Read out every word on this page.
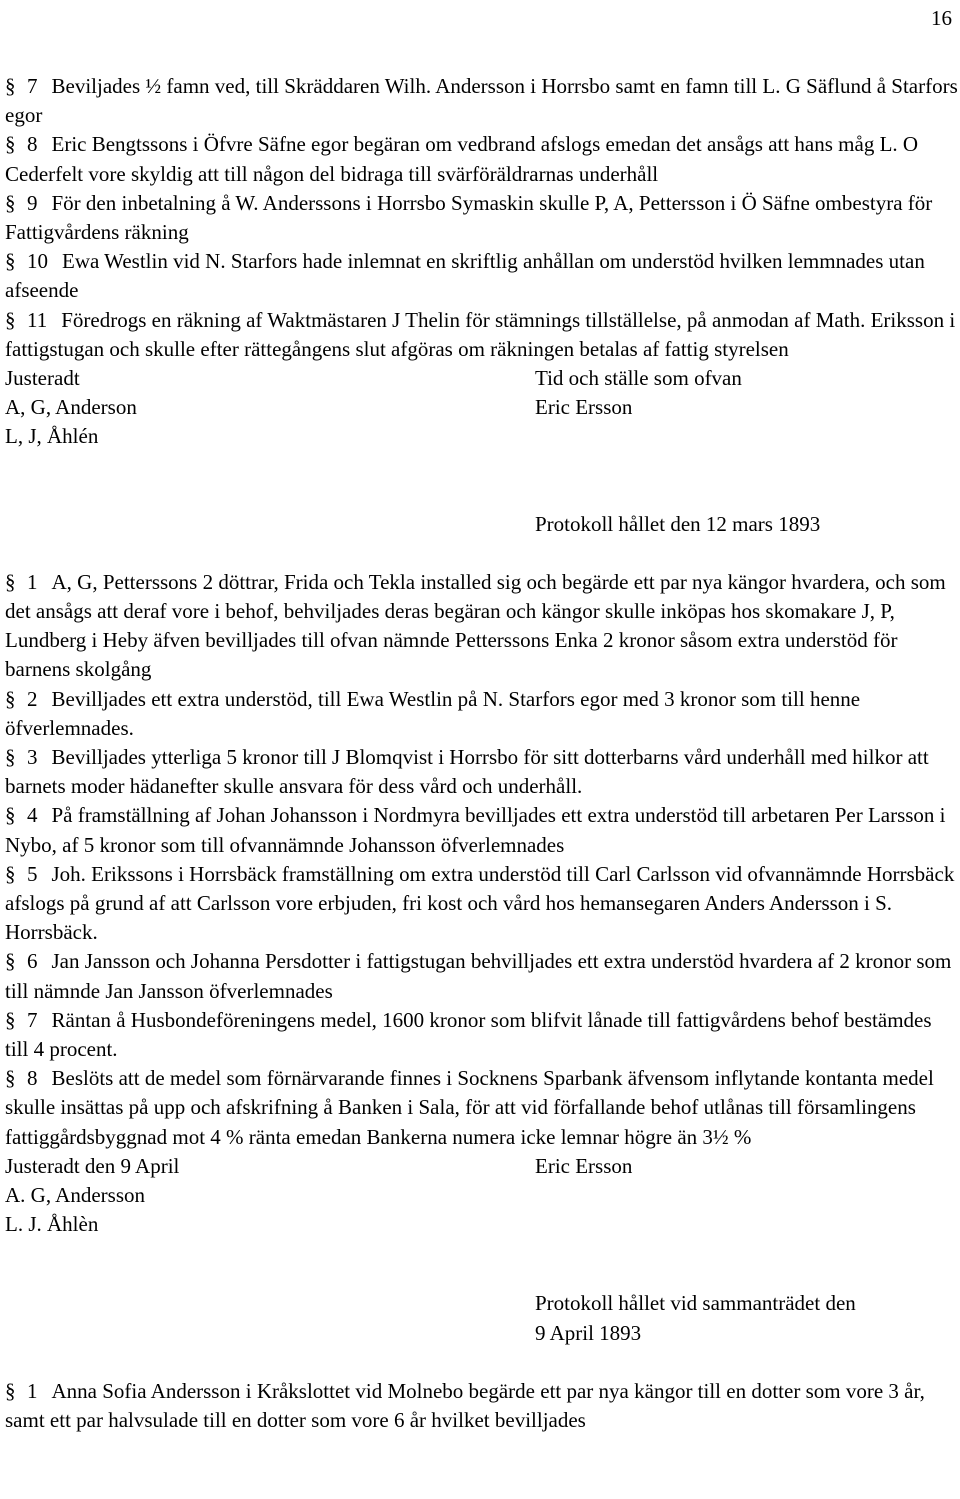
16

§ 7 Beviljades ½ famn ved, till Skräddaren Wilh. Andersson i Horrsbo samt en famn till L. G Säflund å Starfors egor

§ 8 Eric Bengtssons i Öfvre Säfne egor begäran om vedbrand afslogs emedan det ansågs att hans måg L. O Cederfelt vore skyldig att till någon del bidraga till svärföräldrarnas underhåll

§ 9 För den inbetalning å W. Anderssons i Horrsbo Symaskin skulle P, A, Pettersson i Ö Säfne ombestyra för Fattigvårdens räkning

§ 10 Ewa Westlin vid N. Starfors hade inlemnat en skriftlig anhållan om understöd hvilken lemmnades utan afseende

§ 11 Föredrogs en räkning af Waktmästaren J Thelin för stämnings tillställelse, på anmodan af Math. Eriksson i fattigstugan och skulle efter rättegångens slut afgöras om räkningen betalas af fattig styrelsen

Justeradt	Tid och ställe som ofvan
A, G, Anderson	Eric Ersson
L, J, Åhlén

Protokoll hållet den 12 mars 1893

§ 1 A, G, Petterssons 2 döttrar, Frida och Tekla installed sig och begärde ett par nya kängor hvardera, och som det ansågs att deraf vore i behof, behviljades deras begäran och kängor skulle inköpas hos skomakare J, P, Lundberg i Heby äfven bevilljades till ofvan nämnde Petterssons Enka 2 kronor såsom extra understöd för barnens skolgång

§ 2 Bevilljades ett extra understöd, till Ewa Westlin på N. Starfors egor med 3 kronor som till henne öfverlemnades.

§ 3 Bevilljades ytterliga 5 kronor till J Blomqvist i Horrsbo för sitt dotterbarns vård underhåll med hilkor att barnets moder hädanefter skulle ansvara för dess vård och underhåll.

§ 4 På framställning af Johan Johansson i Nordmyra bevilljades ett extra understöd till arbetaren Per Larsson i Nybo, af 5 kronor som till ofvannämnde Johansson öfverlemnades

§ 5 Joh. Erikssons i Horrsbäck framställning om extra understöd till Carl Carlsson vid ofvannämnde Horrsbäck afslogs på grund af att Carlsson vore erbjuden, fri kost och vård hos hemansegaren Anders Andersson i S. Horrsbäck.

§ 6 Jan Jansson och Johanna Persdotter i fattigstugan behvilljades ett extra understöd hvardera af 2 kronor som till nämnde Jan Jansson öfverlemnades

§ 7 Räntan å Husbondeföreningens medel, 1600 kronor som blifvit lånade till fattigvårdens behof bestämdes till 4 procent.

§ 8 Beslöts att de medel som förnärvarande finnes i Socknens Sparbank äfvensom inflytande kontanta medel skulle insättas på upp och afskrifning å Banken i Sala, för att vid förfallande behof utlånas till församlingens fattiggårdsbyggnad mot 4 % ränta emedan Bankerna numera icke lemnar högre än 3½ %

Justeradt den 9 April	Eric Ersson
A. G, Andersson
L. J. Åhlèn

Protokoll hållet vid sammanträdet den

9 April 1893

§ 1 Anna Sofia Andersson i Kråkslottet vid Molnebo begärde ett par nya kängor till en dotter som vore 3 år, samt ett par halvsulade till en dotter som vore 6 år hvilket bevilljades
